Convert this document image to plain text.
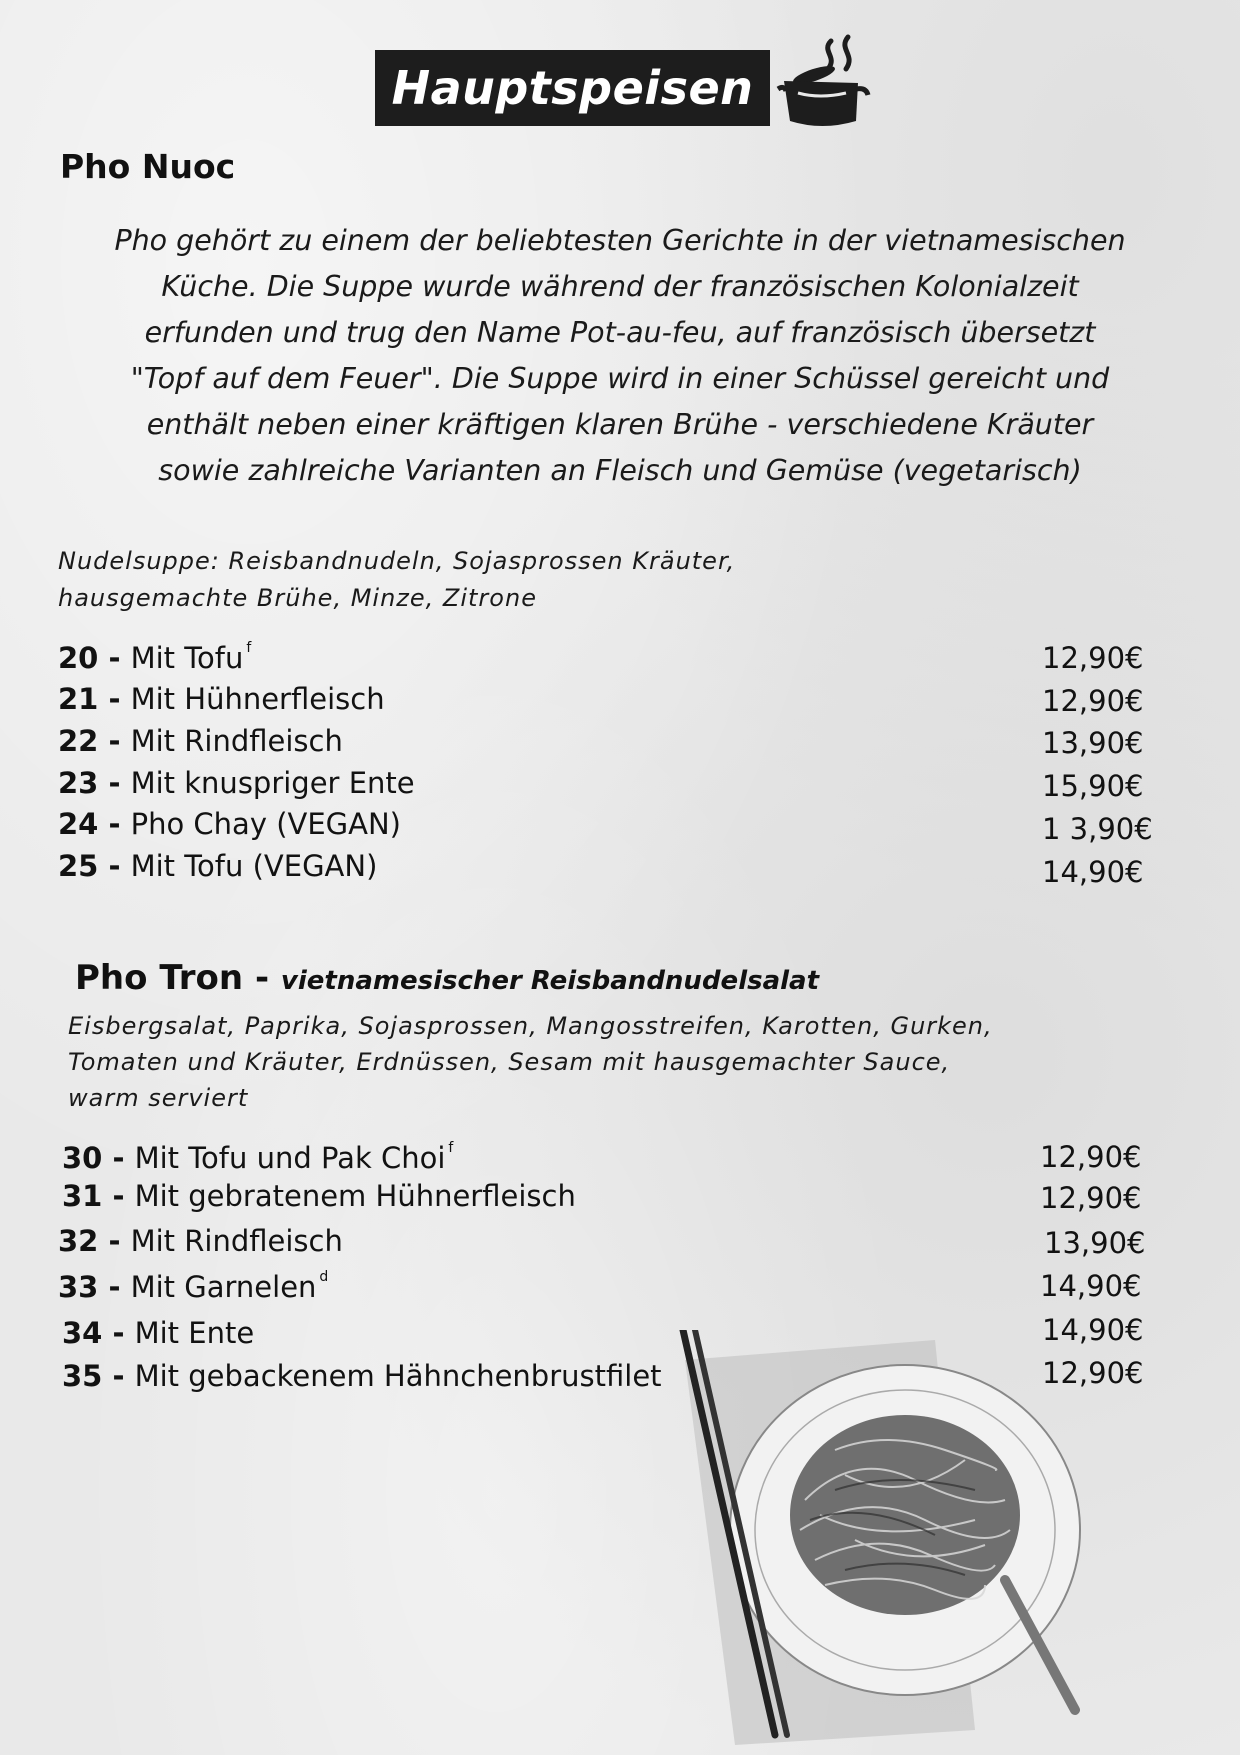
Hauptspeisen
Pho Nuoc
Pho gehört zu einem der beliebtesten Gerichte in der vietnamesischen
Küche. Die Suppe wurde während der französischen Kolonialzeit
erfunden und trug den Name Pot-au-feu, auf französisch übersetzt
"Topf auf dem Feuer". Die Suppe wird in einer Schüssel gereicht und
enthält neben einer kräftigen klaren Brühe - verschiedene Kräuter
sowie zahlreiche Varianten an Fleisch und Gemüse (vegetarisch)
Nudelsuppe: Reisbandnudeln, Sojasprossen Kräuter,
hausgemachte Brühe, Minze, Zitrone
20 - Mit Tofu $^f$
21 - Mit Hühnerfleisch
22 - Mit Rindfleisch
23 - Mit knuspriger Ente
24 - Pho Chay (VEGAN)
25 - Mit Tofu (VEGAN)
12,90€
12,90€
13,90€
15,90€
1 3,90€
14,90€
Pho Tron - vietnamesischer Reisbandnudelsalat
Eisbergsalat, Paprika, Sojasprossen, Mangosstreifen, Karotten, Gurken,
Tomaten und Kräuter, Erdnüssen, Sesam mit hausgemachter Sauce,
warm serviert
30 - Mit Tofu und Pak Choi $^f$
31 - Mit gebratenem Hühnerfleisch
32 - Mit Rindfleisch
33 - Mit Garnelen $^d$
34 - Mit Ente
35 - Mit gebackenem Hähnchenbrustfilet
12,90€
12,90€
13,90€
14,90€
14,90€
12,90€
